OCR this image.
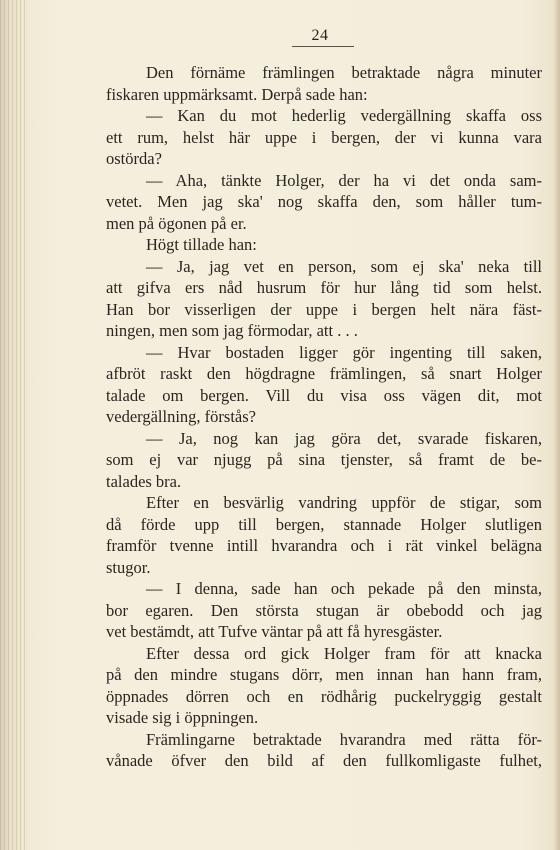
24
Den förnäme främlingen betraktade några minuter
fiskaren uppmärksamt. Derpå sade han:
— Kan du mot hederlig vedergällning skaffa oss
ett rum, helst här uppe i bergen, der vi kunna vara
ostörda?
— Aha, tänkte Holger, der ha vi det onda sam-
vetet. Men jag ska' nog skaffa den, som håller tum-
men på ögonen på er.
Högt tillade han:
— Ja, jag vet en person, som ej ska' neka till
att gifva ers nåd husrum för hur lång tid som helst.
Han bor visserligen der uppe i bergen helt nära fäst-
ningen, men som jag förmodar, att . . .
— Hvar bostaden ligger gör ingenting till saken,
afbröt raskt den högdragne främlingen, så snart Holger
talade om bergen. Vill du visa oss vägen dit, mot
vedergällning, förstås?
— Ja, nog kan jag göra det, svarade fiskaren,
som ej var njugg på sina tjenster, så framt de be-
talades bra.
Efter en besvärlig vandring uppför de stigar, som
då förde upp till bergen, stannade Holger slutligen
framför tvenne intill hvarandra och i rät vinkel belägna
stugor.
— I denna, sade han och pekade på den minsta,
bor egaren. Den största stugan är obebodd och jag
vet bestämdt, att Tufve väntar på att få hyresgäster.
Efter dessa ord gick Holger fram för att knacka
på den mindre stugans dörr, men innan han hann fram,
öppnades dörren och en rödhårig puckelryggig gestalt
visade sig i öppningen.
Främlingarne betraktade hvarandra med rätta för-
vånade öfver den bild af den fullkomligaste fulhet,
